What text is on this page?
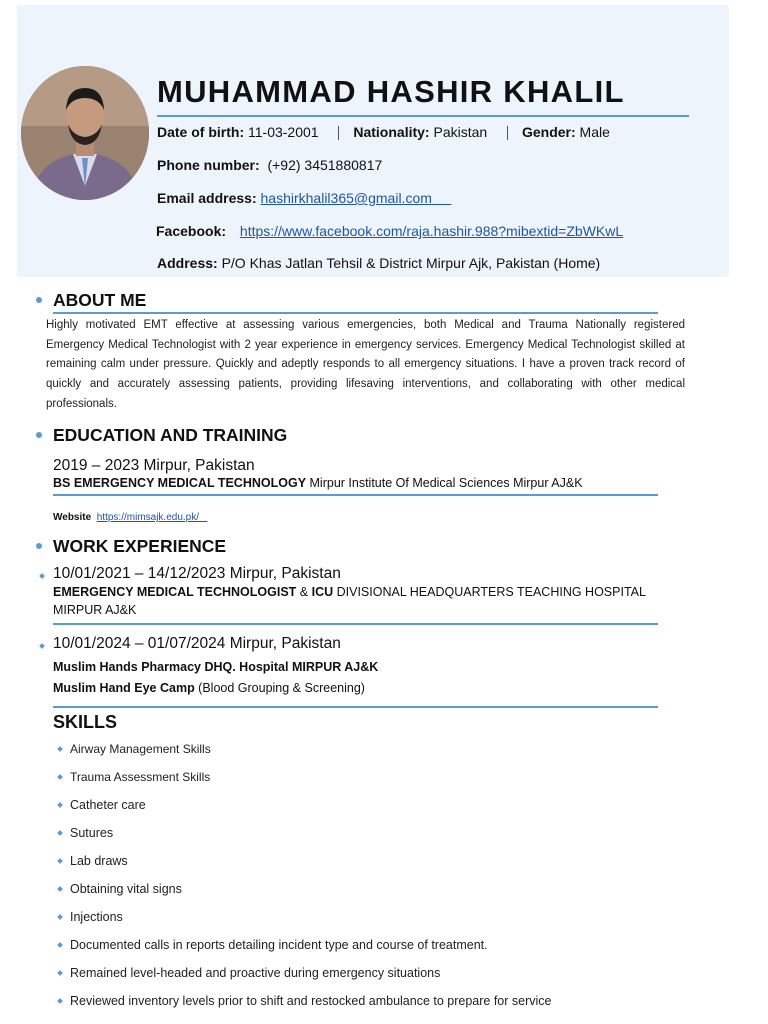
MUHAMMAD HASHIR KHALIL
Date of birth: 11-03-2001 Nationality: Pakistan Gender: Male
Phone number: (+92) 3451880817
Email address: hashirkhalil365@gmail.com
Facebook: https://www.facebook.com/raja.hashir.988?mibextid=ZbWKwL
Address: P/O Khas Jatlan Tehsil & District Mirpur Ajk, Pakistan (Home)
ABOUT ME
Highly motivated EMT effective at assessing various emergencies, both Medical and Trauma Nationally registered Emergency Medical Technologist with 2 year experience in emergency services. Emergency Medical Technologist skilled at remaining calm under pressure. Quickly and adeptly responds to all emergency situations. I have a proven track record of quickly and accurately assessing patients, providing lifesaving interventions, and collaborating with other medical professionals.
EDUCATION AND TRAINING
2019 – 2023 Mirpur, Pakistan
BS EMERGENCY MEDICAL TECHNOLOGY Mirpur Institute Of Medical Sciences Mirpur AJ&K
Website https://mimsajk.edu.pk/
WORK EXPERIENCE
10/01/2021 – 14/12/2023 Mirpur, Pakistan
EMERGENCY MEDICAL TECHNOLOGIST & ICU DIVISIONAL HEADQUARTERS TEACHING HOSPITAL
MIRPUR AJ&K
10/01/2024 – 01/07/2024 Mirpur, Pakistan
Muslim Hands Pharmacy DHQ. Hospital MIRPUR AJ&K
Muslim Hand Eye Camp (Blood Grouping & Screening)
SKILLS
Airway Management Skills
Trauma Assessment Skills
Catheter care
Sutures
Lab draws
Obtaining vital signs
Injections
Documented calls in reports detailing incident type and course of treatment.
Remained level-headed and proactive during emergency situations
Reviewed inventory levels prior to shift and restocked ambulance to prepare for service
